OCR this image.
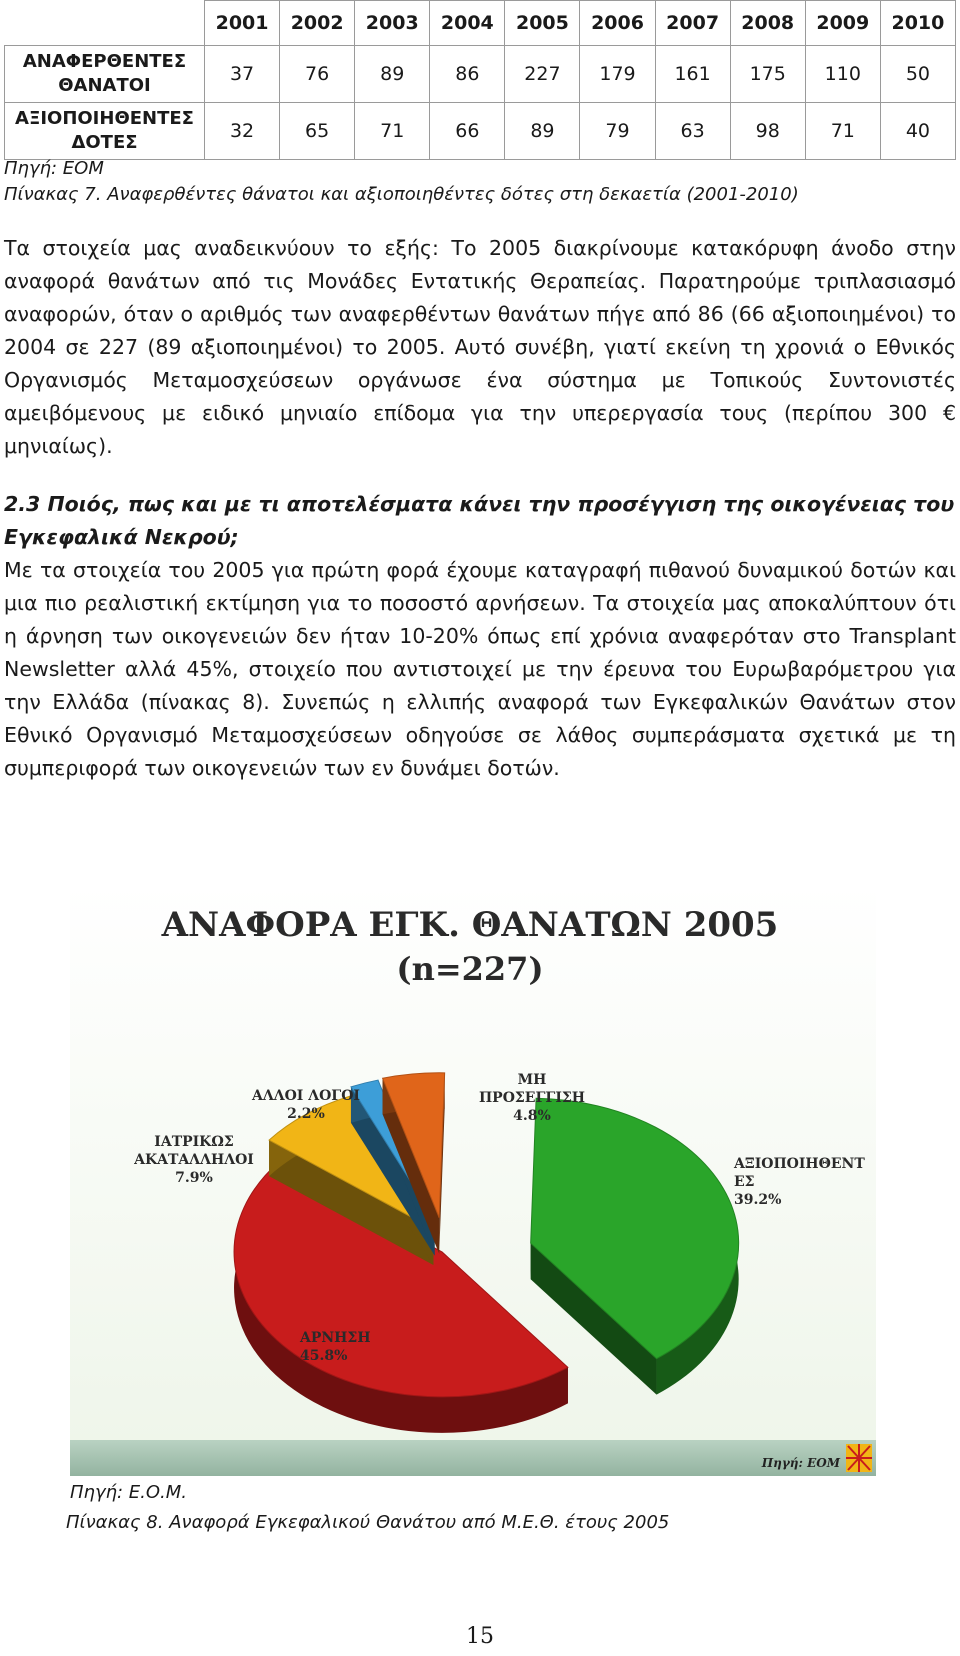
	2001	2002	2003	2004	2005	2006	2007	2008	2009	2010

ΑΝΑΦΕΡΘΕΝΤΕΣ
ΘΑΝΑΤΟΙ	37	76	89	86	227	179	161	175	110	50

ΑΞΙΟΠΟΙΗΘΕΝΤΕΣ
ΔΟΤΕΣ	32	65	71	66	89	79	63	98	71	40
Πηγή: ΕΟΜ
Πίνακας 7. Αναφερθέντες θάνατοι και αξιοποιηθέντες δότες στη δεκαετία (2001-2010)

Τα στοιχεία μας αναδεικνύουν το εξής: Το 2005 διακρίνουμε κατακόρυφη άνοδο στην αναφορά θανάτων από τις Μονάδες Εντατικής Θεραπείας. Παρατηρούμε τριπλασιασμό αναφορών, όταν ο αριθμός των αναφερθέντων θανάτων πήγε από 86 (66 αξιοποιημένοι) το 2004 σε 227 (89 αξιοποιημένοι) το 2005. Αυτό συνέβη, γιατί εκείνη τη χρονιά ο Εθνικός Οργανισμός Μεταμοσχεύσεων οργάνωσε ένα σύστημα με Τοπικούς Συντονιστές αμειβόμενους με ειδικό μηνιαίο επίδομα για την υπερεργασία τους (περίπου 300 € μηνιαίως).

2.3 Ποιός, πως και με τι αποτελέσματα κάνει την προσέγγιση της οικογένειας του Εγκεφαλικά Νεκρού;

Με τα στοιχεία του 2005 για πρώτη φορά έχουμε καταγραφή πιθανού δυναμικού δοτών και μια πιο ρεαλιστική εκτίμηση για το ποσοστό αρνήσεων. Τα στοιχεία μας αποκαλύπτουν ότι η άρνηση των οικογενειών δεν ήταν 10-20% όπως επί χρόνια αναφερόταν στο Transplant Newsletter αλλά 45%, στοιχείο που αντιστοιχεί με την έρευνα του Ευρωβαρόμετρου για την Ελλάδα (πίνακας 8). Συνεπώς η ελλιπής αναφορά των Εγκεφαλικών Θανάτων στον Εθνικό Οργανισμό Μεταμοσχεύσεων οδηγούσε σε λάθος συμπεράσματα σχετικά με τη συμπεριφορά των οικογενειών των εν δυνάμει δοτών.

ΑΝΑΦΟΡΑ ΕΓΚ. ΘΑΝΑΤΩΝ 2005
(n=227)
ΑΞΙΟΠΟΙΗΘΕΝΤ
ΕΣ
39.2%
ΑΡΝΗΣΗ
45.8%
ΙΑΤΡΙΚΩΣ
ΑΚΑΤΑΛΛΗΛΟΙ
7.9%
ΑΛΛΟΙ ΛΟΓΟΙ
2.2%
ΜΗ
ΠΡΟΣΕΓΓΙΣΗ
4.8%
Πηγή: ΕΟΜ
Πηγή: Ε.Ο.Μ.
Πίνακας 8. Αναφορά Εγκεφαλικού Θανάτου από Μ.Ε.Θ. έτους 2005
15
